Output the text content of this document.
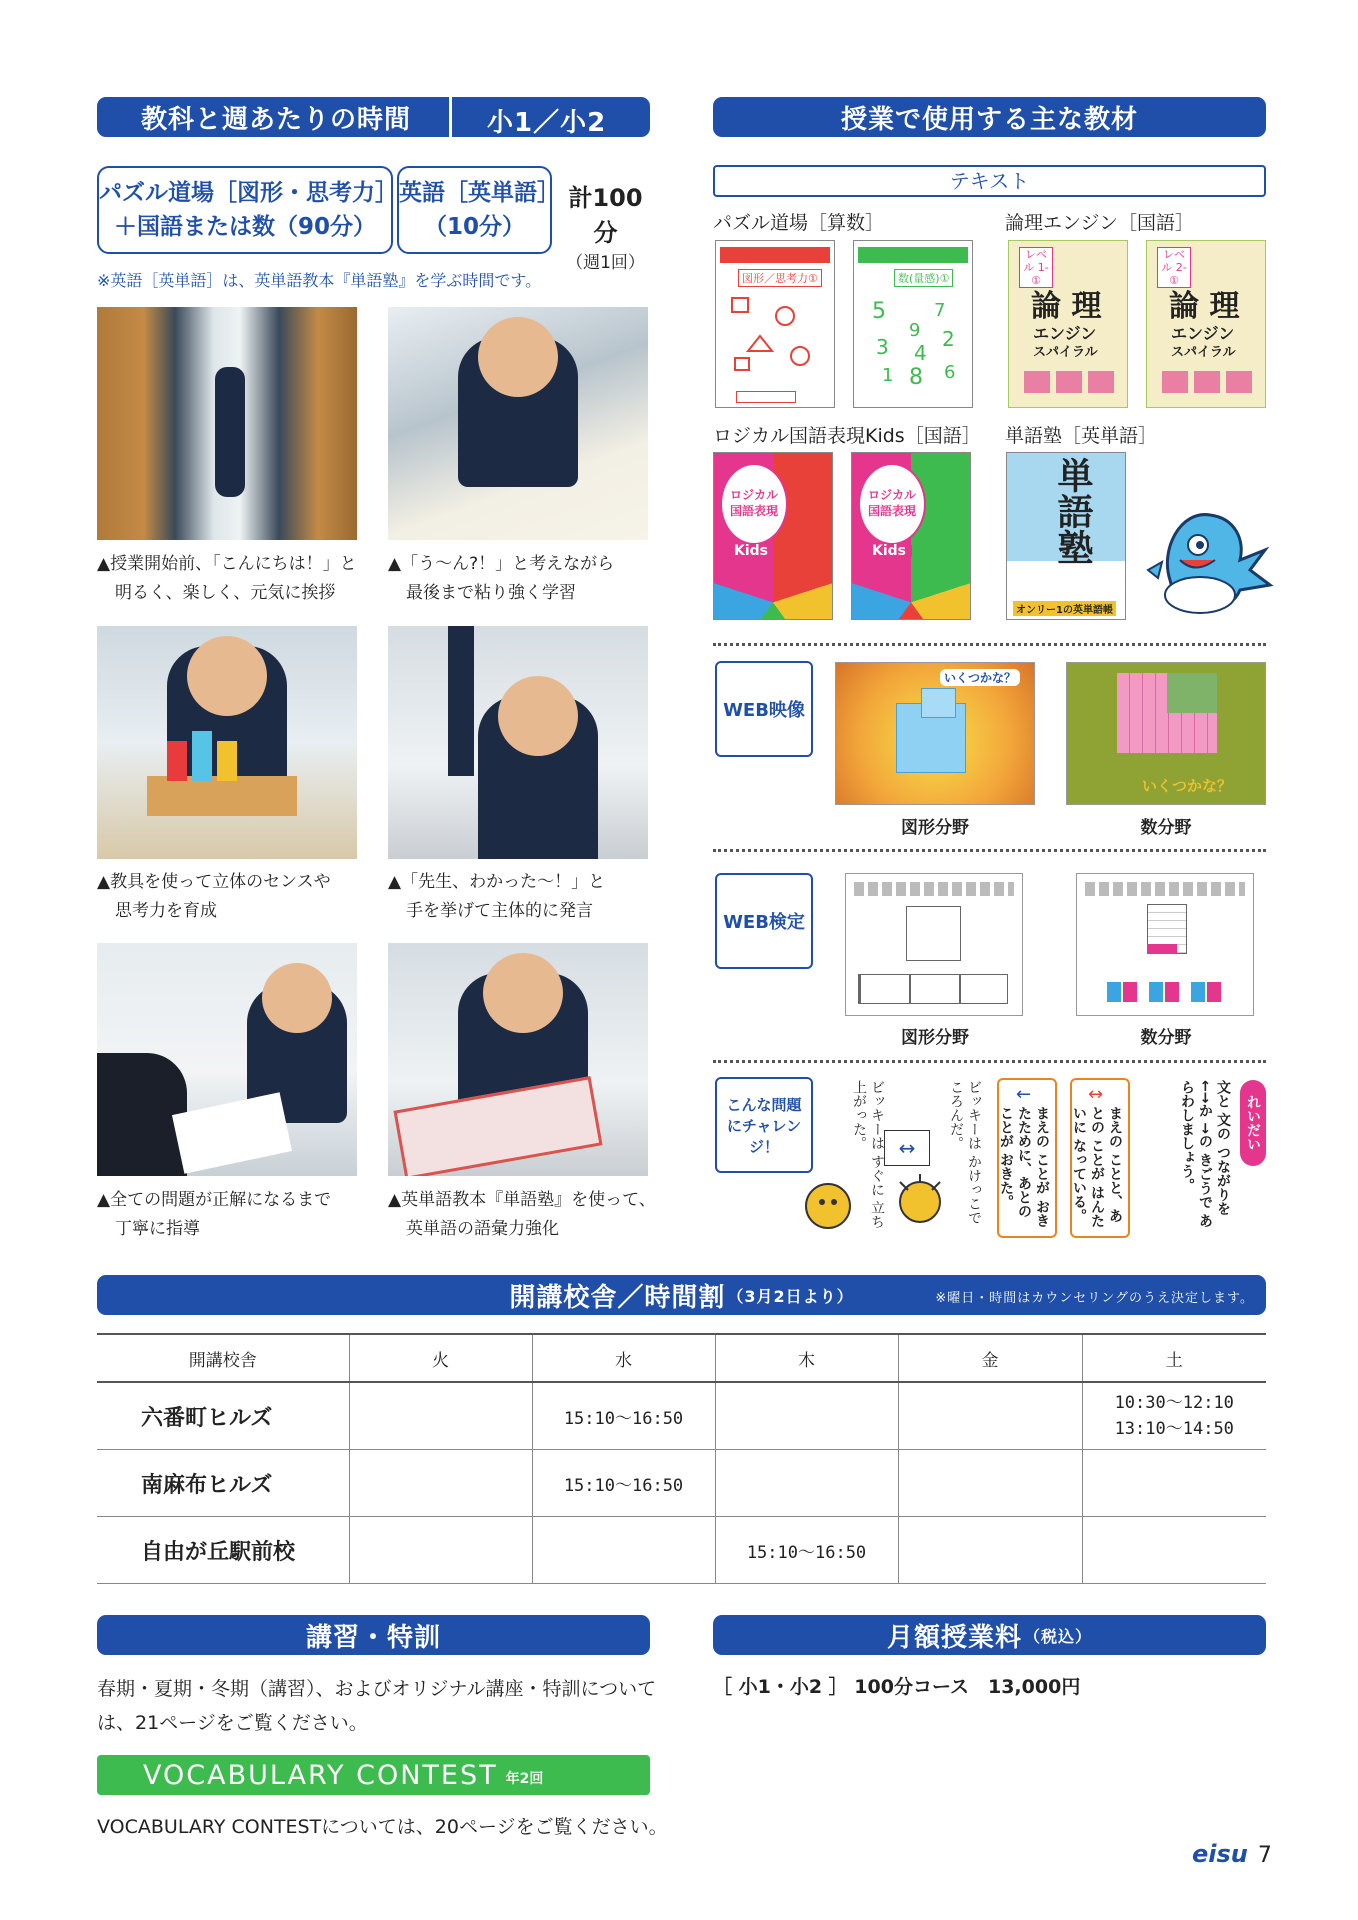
教科と週あたりの時間	小1／小2
パズル道場［図形・思考力］
＋国語または数（90分）
英語［英単語］
（10分）
計100分
（週1回）
※英語［英単語］は、英単語教本『単語塾』を学ぶ時間です。
▲授業開始前、「こんにちは！」と
明るく、楽しく、元気に挨拶
▲「う〜ん?！」と考えながら
最後まで粘り強く学習
▲教具を使って立体のセンスや
思考力を育成
▲「先生、わかった〜！」と
手を挙げて主体的に発言
▲全ての問題が正解になるまで
丁寧に指導
▲英単語教本『単語塾』を使って、
英単語の語彙力強化
授業で使用する主な教材
テキスト
パズル道場［算数］	論理エンジン［国語］
図形／思考力①	数(量感)①
5	7
9 2
3 4
1 8 6
レベル 1-①
論 理
エンジン
スパイラル
レベル 2-①
論 理
エンジン
スパイラル
ロジカル国語表現Kids［国語］ 単語塾［英単語］
ロジカル 国語表現
Kids
ロジカル 国語表現
Kids	単語塾
オンリー1の英単語帳
WEB映像
いくつかな？
いくつかな？
図形分野	数分野
WEB検定
図形分野	数分野
こんな問題にチャレンジ！	れいだい
文と 文の つながりを ←→か →の きごうで あらわしましょう。
まえの ことと、あとの ことが はんたいに なっている。
↔
まえの ことが おきたために、あとの ことが おきた。
←
ビッキーは かけっこで ころんだ。
↔
ビッキーは すぐに 立ち上がった。
開講校舎／時間割 （3月2日より）	※曜日・時間はカウンセリングのうえ決定します。
開講校舎	火	水	木	金	土
六番町ヒルズ		15:10〜16:50			10:30〜12:10
13:10〜14:50

南麻布ヒルズ		15:10〜16:50			
自由が丘駅前校			15:10〜16:50		
講習・特訓
春期・夏期・冬期（講習）、およびオリジナル講座・特訓について
は、21ページをご覧ください。
VOCABULARY CONTEST 年2回
VOCABULARY CONTESTについては、20ページをご覧ください。
月額授業料 （税込）
［ 小1・小2 ］ 100分コース　13,000円
eisu 7
